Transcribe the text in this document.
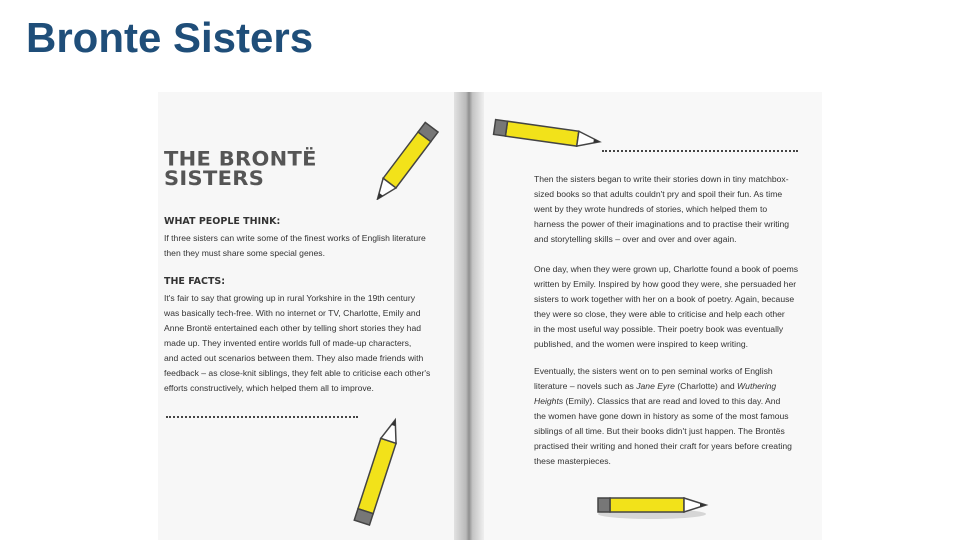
Bronte Sisters
THE BRONTË
SISTERS
WHAT PEOPLE THINK:
If three sisters can write some of the finest works of English literature
then they must share some special genes.
THE FACTS:
It's fair to say that growing up in rural Yorkshire in the 19th century
was basically tech-free. With no internet or TV, Charlotte, Emily and
Anne Brontë entertained each other by telling short stories they had
made up. They invented entire worlds full of made-up characters,
and acted out scenarios between them. They also made friends with
feedback – as close-knit siblings, they felt able to criticise each other's
efforts constructively, which helped them all to improve.
Then the sisters began to write their stories down in tiny matchbox-
sized books so that adults couldn't pry and spoil their fun. As time
went by they wrote hundreds of stories, which helped them to
harness the power of their imaginations and to practise their writing
and storytelling skills – over and over and over again.
One day, when they were grown up, Charlotte found a book of poems
written by Emily. Inspired by how good they were, she persuaded her
sisters to work together with her on a book of poetry. Again, because
they were so close, they were able to criticise and help each other
in the most useful way possible. Their poetry book was eventually
published, and the women were inspired to keep writing.
Eventually, the sisters went on to pen seminal works of English
literature – novels such as Jane Eyre (Charlotte) and Wuthering
Heights (Emily). Classics that are read and loved to this day. And
the women have gone down in history as some of the most famous
siblings of all time. But their books didn't just happen. The Brontës
practised their writing and honed their craft for years before creating
these masterpieces.
